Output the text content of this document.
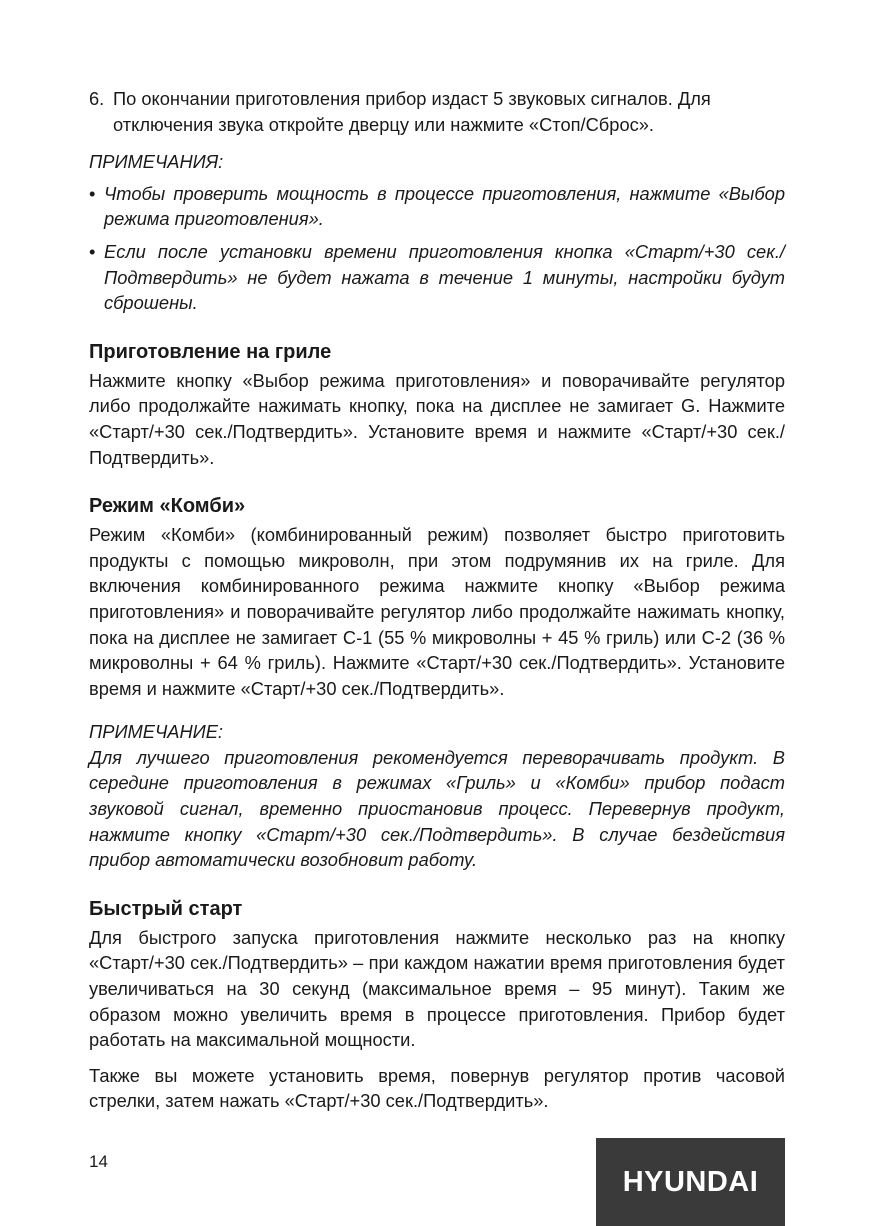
6. По окончании приготовления прибор издаст 5 звуковых сигналов. Для отключения звука откройте дверцу или нажмите «Стоп/Сброс».

ПРИМЕЧАНИЯ:

• Чтобы проверить мощность в процессе приготовления, нажмите «Выбор режима приготовления».
• Если после установки времени приготовления кнопка «Старт/+30 сек./Подтвердить» не будет нажата в течение 1 минуты, настройки будут сброшены.
Приготовление на гриле

Нажмите кнопку «Выбор режима приготовления» и поворачивайте регулятор либо продолжайте нажимать кнопку, пока на дисплее не замигает G. Нажмите «Старт/+30 сек./Подтвердить». Установите время и нажмите «Старт/+30 сек./Подтвердить».

Режим «Комби»

Режим «Комби» (комбинированный режим) позволяет быстро приготовить продукты с помощью микроволн, при этом подрумянив их на гриле. Для включения комбинированного режима нажмите кнопку «Выбор режима приготовления» и поворачивайте регулятор либо продолжайте нажимать кнопку, пока на дисплее не замигает С-1 (55 % микроволны + 45 % гриль) или С-2 (36 % микроволны + 64 % гриль). Нажмите «Старт/+30 сек./Подтвердить». Установите время и нажмите «Старт/+30 сек./Подтвердить».

ПРИМЕЧАНИЕ:

Для лучшего приготовления рекомендуется переворачивать продукт. В середине приготовления в режимах «Гриль» и «Комби» прибор подаст звуковой сигнал, временно приостановив процесс. Перевернув продукт, нажмите кнопку «Старт/+30 сек./Подтвердить». В случае бездействия прибор автоматически возобновит работу.

Быстрый старт

Для быстрого запуска приготовления нажмите несколько раз на кнопку «Старт/+30 сек./Подтвердить» – при каждом нажатии время приготовления будет увеличиваться на 30 секунд (максимальное время – 95 минут). Таким же образом можно увеличить время в процессе приготовления. Прибор будет работать на максимальной мощности.

Также вы можете установить время, повернув регулятор против часовой стрелки, затем нажать «Старт/+30 сек./Подтвердить».

14
HYUNDAI
